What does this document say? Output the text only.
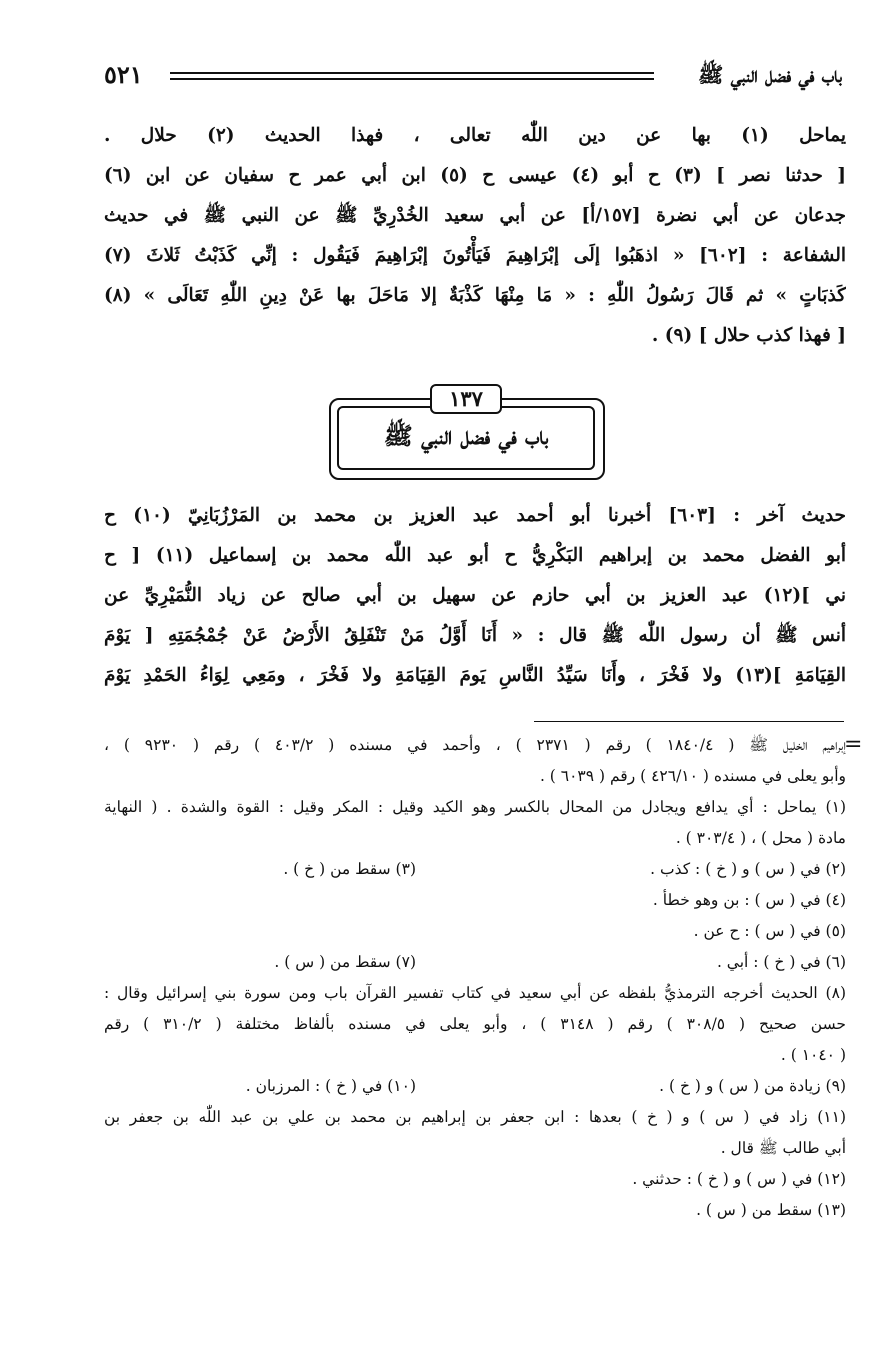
باب في فضل النبي ﷺ
٥٢١
يماحل (١) بها عن دين اللّٰه تعالى ، فهذا الحديث (٢) حلال .
[ حدثنا نصر ] (٣) ح أبو (٤) عيسى ح (٥) ابن أبي عمر ح سفيان عن ابن (٦)
جدعان عن أبي نضرة [١٥٧/أ] عن أبي سعيد الخُدْرِيِّ ﷺ عن النبي ﷺ في حديث
الشفاعة : [٦٠٢] « اذهَبُوا إلَى إبْرَاهِيمَ فَيَأْتُونَ إبْرَاهِيمَ فَيَقُول : إنِّي كَذَبْتُ ثَلاثَ (٧)
كَذبَاتٍ » ثم قَالَ رَسُولُ اللّٰهِ : « مَا مِنْهَا كَذْبَةٌ إلا مَاحَلَ بها عَنْ دِينِ اللّٰهِ تَعَالَى » (٨)
[ فهذا كذب حلال ] (٩) .
باب في فضل النبي ﷺ
١٣٧
حديث آخر : [٦٠٣] أخبرنا أبو أحمد عبد العزيز بن محمد بن المَرْزُبَانِيّ (١٠) ح
أبو الفضل محمد بن إبراهيم البَكْرِيُّ ح أبو عبد اللّٰه محمد بن إسماعيل (١١) [ ح
ني ](١٢) عبد العزيز بن أبي حازم عن سهيل بن أبي صالح عن زياد النُّمَيْرِيِّ عن
أنس ﷺ أن رسول اللّٰه ﷺ قال : « أَنَا أَوَّلُ مَنْ تَنْفَلِقُ الأَرْضُ عَنْ جُمْجُمَتِهِ [ يَوْمَ
القِيَامَةِ ](١٣) ولا فَخْرَ ، وأَنَا سَيِّدُ النَّاسِ يَومَ القِيَامَةِ ولا فَخْرَ ، ومَعِي لِوَاءُ الحَمْدِ يَوْمَ
=
إبراهيم الخليل ﷺ ( ١٨٤٠/٤ ) رقم ( ٢٣٧١ ) ، وأحمد في مسنده ( ٤٠٣/٢ ) رقم ( ٩٢٣٠ ) ،
وأبو يعلى في مسنده ( ٤٢٦/١٠ ) رقم ( ٦٠٣٩ ) .
(١) يماحل : أي يدافع ويجادل من المحال بالكسر وهو الكيد وقيل : المكر وقيل : القوة والشدة . ( النهاية
مادة ( محل ) ، ( ٣٠٣/٤ ) .
(٢) في ( س ) و ( خ ) : كذب .
(٣) سقط من ( خ ) .
(٤) في ( س ) : بن وهو خطأ .
(٥) في ( س ) : ح عن .
(٦) في ( خ ) : أبي .
(٧) سقط من ( س ) .
(٨) الحديث أخرجه الترمذيُّ بلفظه عن أبي سعيد في كتاب تفسير القرآن باب ومن سورة بني إسرائيل وقال :
حسن صحيح ( ٣٠٨/٥ ) رقم ( ٣١٤٨ ) ، وأبو يعلى في مسنده بألفاظ مختلفة ( ٣١٠/٢ ) رقم
( ١٠٤٠ ) .
(٩) زيادة من ( س ) و ( خ ) .
(١٠) في ( خ ) : المرزبان .
(١١) زاد في ( س ) و ( خ ) بعدها : ابن جعفر بن إبراهيم بن محمد بن علي بن عبد اللّٰه بن جعفر بن
أبي طالب ﷺ قال .
(١٢) في ( س ) و ( خ ) : حدثني .
(١٣) سقط من ( س ) .
